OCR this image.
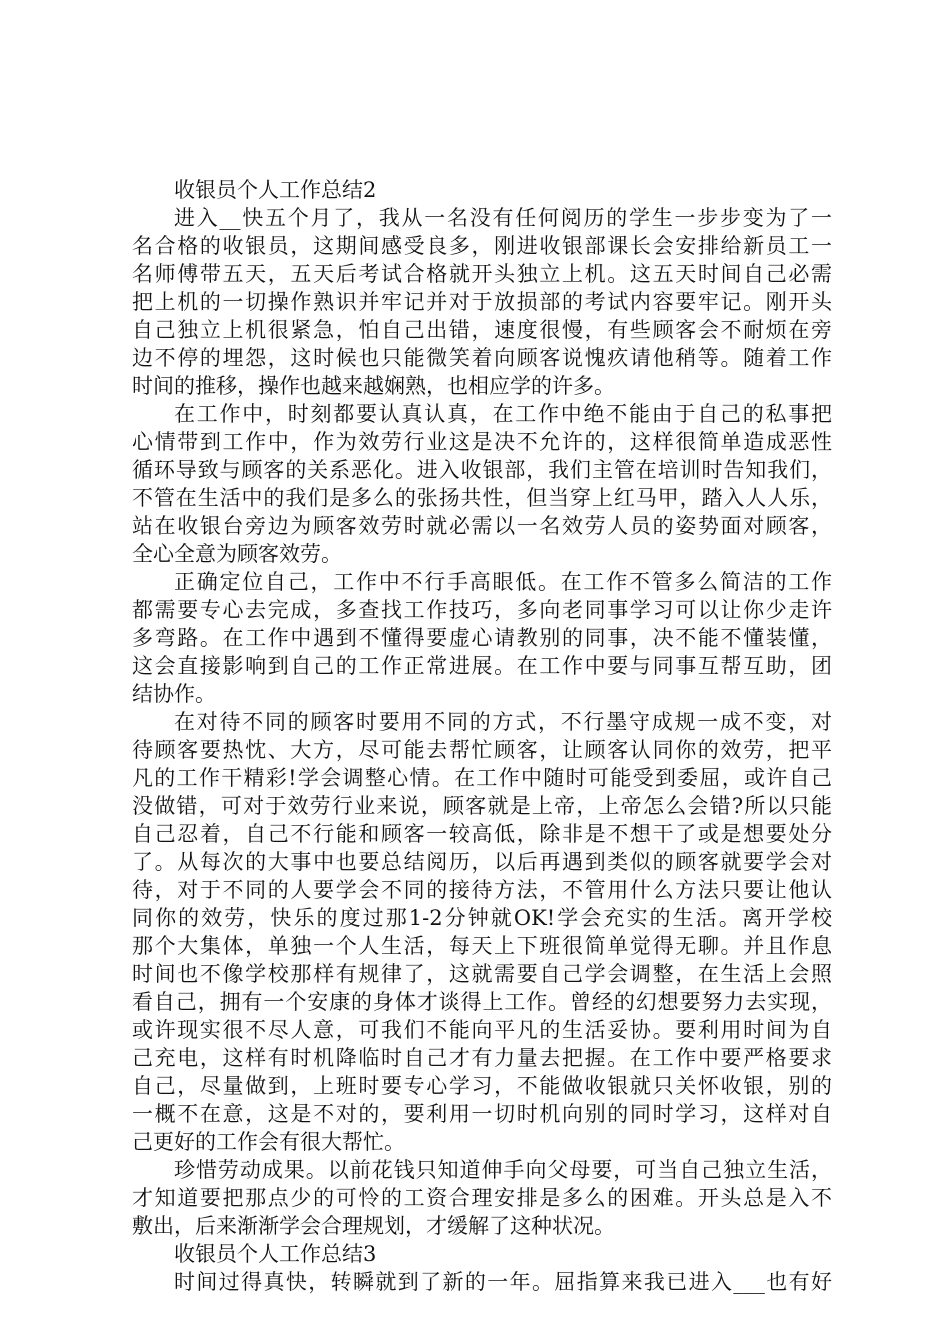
收银员个人工作总结2
进入__快五个月了，我从一名没有任何阅历的学生一步步变为了一
名合格的收银员，这期间感受良多，刚进收银部课长会安排给新员工一
名师傅带五天，五天后考试合格就开头独立上机。这五天时间自己必需
把上机的一切操作熟识并牢记并对于放损部的考试内容要牢记。刚开头
自己独立上机很紧急，怕自己出错，速度很慢，有些顾客会不耐烦在旁
边不停的埋怨，这时候也只能微笑着向顾客说愧疚请他稍等。随着工作
时间的推移，操作也越来越娴熟，也相应学的许多。
在工作中，时刻都要认真认真，在工作中绝不能由于自己的私事把
心情带到工作中，作为效劳行业这是决不允许的，这样很简单造成恶性
循环导致与顾客的关系恶化。进入收银部，我们主管在培训时告知我们，
不管在生活中的我们是多么的张扬共性，但当穿上红马甲，踏入人人乐，
站在收银台旁边为顾客效劳时就必需以一名效劳人员的姿势面对顾客，
全心全意为顾客效劳。
正确定位自己，工作中不行手高眼低。在工作不管多么简洁的工作
都需要专心去完成，多查找工作技巧，多向老同事学习可以让你少走许
多弯路。在工作中遇到不懂得要虚心请教别的同事，决不能不懂装懂，
这会直接影响到自己的工作正常进展。在工作中要与同事互帮互助，团
结协作。
在对待不同的顾客时要用不同的方式，不行墨守成规一成不变，对
待顾客要热忱、大方，尽可能去帮忙顾客，让顾客认同你的效劳，把平
凡的工作干精彩!学会调整心情。在工作中随时可能受到委屈，或许自己
没做错，可对于效劳行业来说，顾客就是上帝，上帝怎么会错?所以只能
自己忍着，自己不行能和顾客一较高低，除非是不想干了或是想要处分
了。从每次的大事中也要总结阅历，以后再遇到类似的顾客就要学会对
待，对于不同的人要学会不同的接待方法，不管用什么方法只要让他认
同你的效劳，快乐的度过那1-2分钟就OK!学会充实的生活。离开学校
那个大集体，单独一个人生活，每天上下班很简单觉得无聊。并且作息
时间也不像学校那样有规律了，这就需要自己学会调整，在生活上会照
看自己，拥有一个安康的身体才谈得上工作。曾经的幻想要努力去实现，
或许现实很不尽人意，可我们不能向平凡的生活妥协。要利用时间为自
己充电，这样有时机降临时自己才有力量去把握。在工作中要严格要求
自己，尽量做到，上班时要专心学习，不能做收银就只关怀收银，别的
一概不在意，这是不对的，要利用一切时机向别的同时学习，这样对自
己更好的工作会有很大帮忙。
珍惜劳动成果。以前花钱只知道伸手向父母要，可当自己独立生活，
才知道要把那点少的可怜的工资合理安排是多么的困难。开头总是入不
敷出，后来渐渐学会合理规划，才缓解了这种状况。
收银员个人工作总结3
时间过得真快，转瞬就到了新的一年。屈指算来我已进入___也有好
